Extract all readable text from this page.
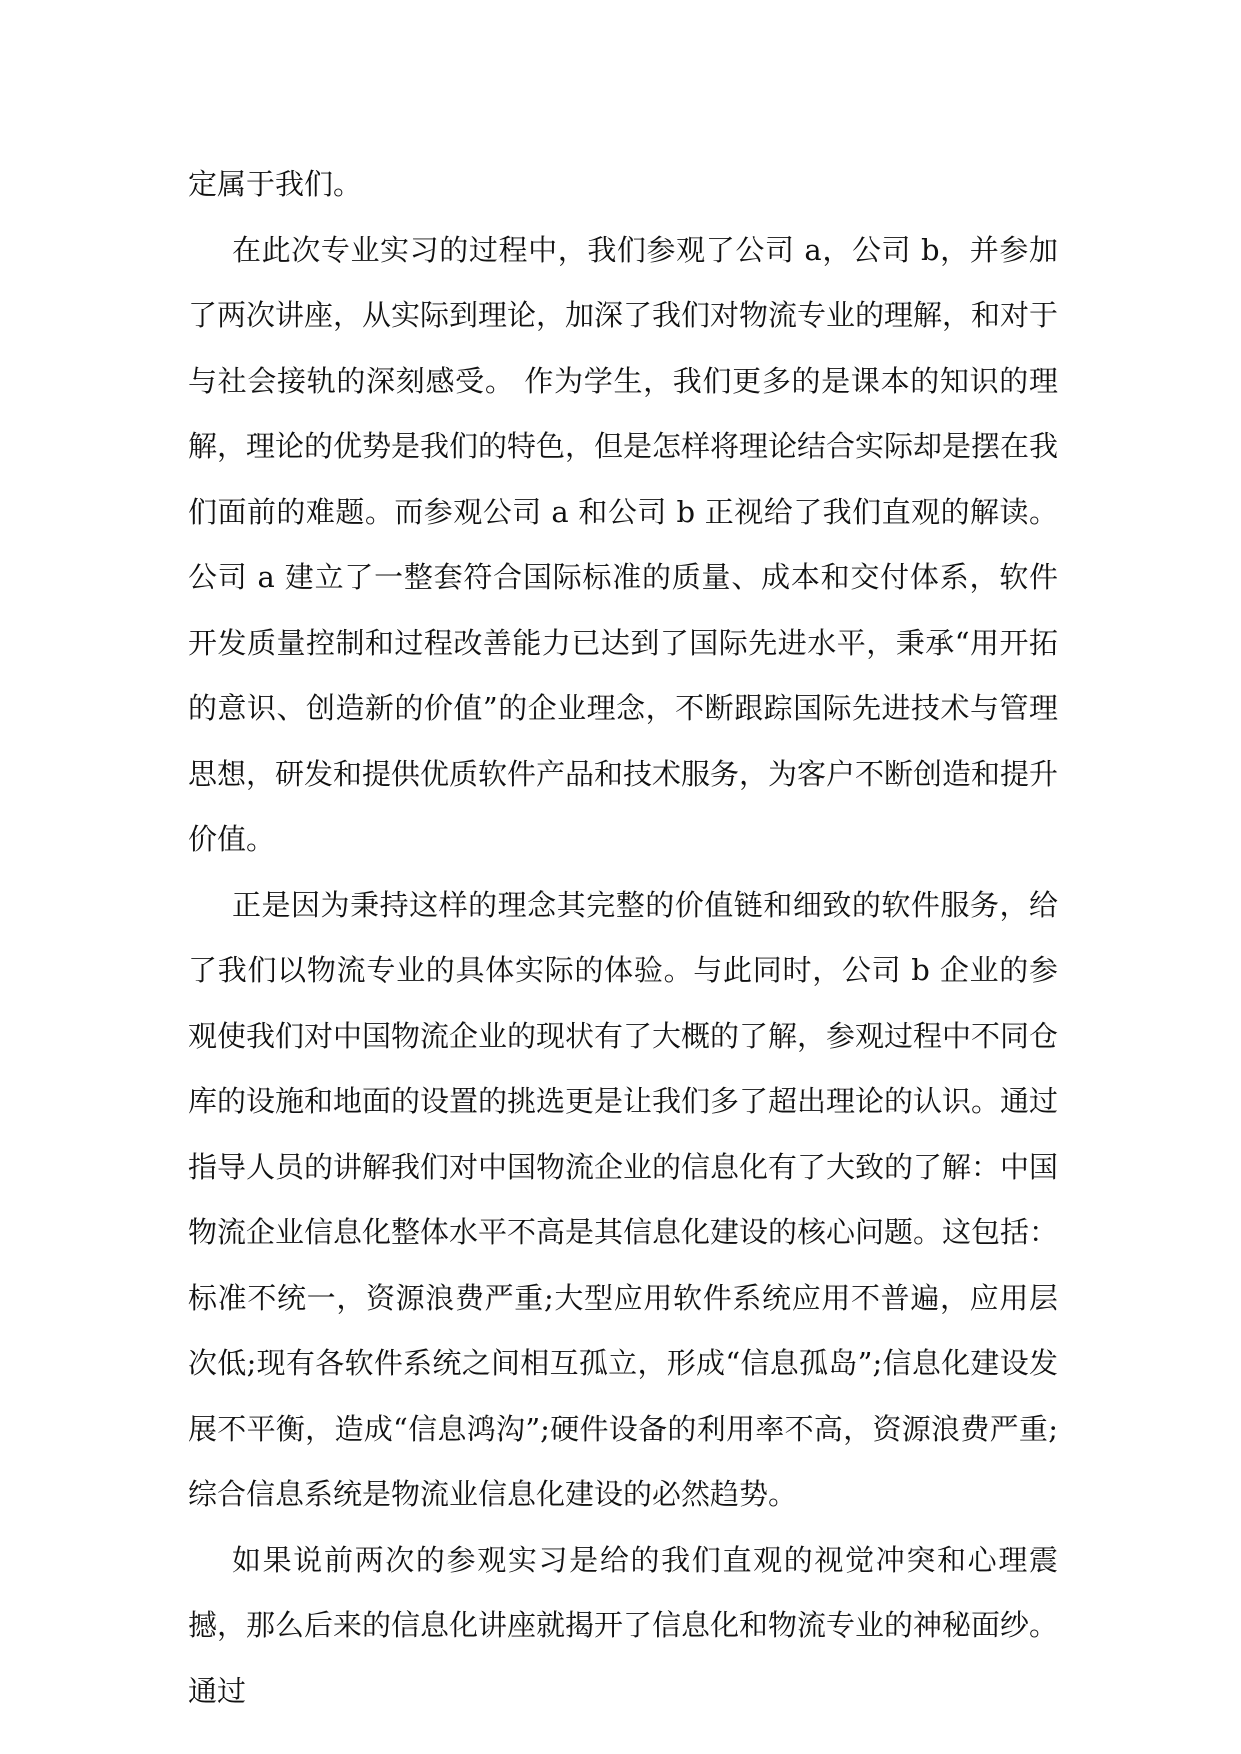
定属于我们。

在此次专业实习的过程中，我们参观了公司 a，公司 b，并参加了两次讲座，从实际到理论，加深了我们对物流专业的理解，和对于与社会接轨的深刻感受。 作为学生，我们更多的是课本的知识的理解，理论的优势是我们的特色，但是怎样将理论结合实际却是摆在我们面前的难题。而参观公司 a 和公司 b 正视给了我们直观的解读。公司 a 建立了一整套符合国际标准的质量、成本和交付体系，软件开发质量控制和过程改善能力已达到了国际先进水平，秉承“用开拓的意识、创造新的价值”的企业理念，不断跟踪国际先进技术与管理思想，研发和提供优质软件产品和技术服务，为客户不断创造和提升价值。

正是因为秉持这样的理念其完整的价值链和细致的软件服务，给了我们以物流专业的具体实际的体验。与此同时，公司 b 企业的参观使我们对中国物流企业的现状有了大概的了解，参观过程中不同仓库的设施和地面的设置的挑选更是让我们多了超出理论的认识。通过指导人员的讲解我们对中国物流企业的信息化有了大致的了解：中国物流企业信息化整体水平不高是其信息化建设的核心问题。这包括：标准不统一，资源浪费严重;大型应用软件系统应用不普遍，应用层次低;现有各软件系统之间相互孤立，形成“信息孤岛”;信息化建设发展不平衡，造成“信息鸿沟”;硬件设备的利用率不高，资源浪费严重;综合信息系统是物流业信息化建设的必然趋势。

如果说前两次的参观实习是给的我们直观的视觉冲突和心理震撼，那么后来的信息化讲座就揭开了信息化和物流专业的神秘面纱。通过
